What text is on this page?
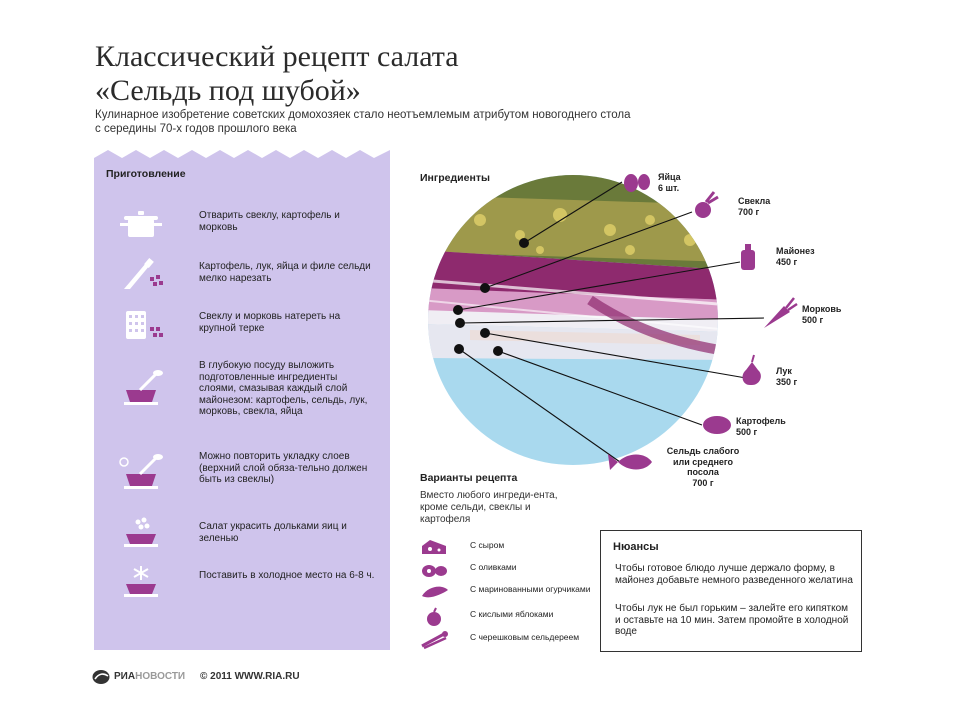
Классический рецепт салата
«Сельдь под шубой»
Кулинарное изобретение советских домохозяек стало неотъемлемым атрибутом новогоднего стола
с середины 70-х годов прошлого века
Приготовление
Отварить свеклу, картофель и морковь
Картофель, лук, яйца и филе сельди мелко нарезать
Свеклу и морковь натереть на крупной терке
В глубокую посуду выложить подготовленные ингредиенты слоями, смазывая каждый слой майонезом: картофель, сельдь, лук, морковь, свекла, яйца
Можно повторить укладку слоев (верхний слой обяза-тельно должен быть из свеклы)
Салат украсить дольками яиц и зеленью
Поставить в холодное место на 6-8 ч.
Ингредиенты	Яйца
6 шт.
Свекла
700 г
Майонез
450 г
Морковь
500 г
Лук
350 г
Картофель
500 г
Сельдь слабого или среднего посола
700 г
Варианты рецепта
Вместо любого ингреди-ента, кроме сельди, свеклы и картофеля
С сыром
С оливками
С маринованными огурчиками
С кислыми яблоками
С черешковым сельдереем
Нюансы
Чтобы готовое блюдо лучше держало форму, в майонез добавьте немного разведенного желатина
Чтобы лук не был горьким – залейте его кипятком и оставьте на 10 мин. Затем промойте в холодной воде
РИАНОВОСТИ © 2011 WWW.RIA.RU
